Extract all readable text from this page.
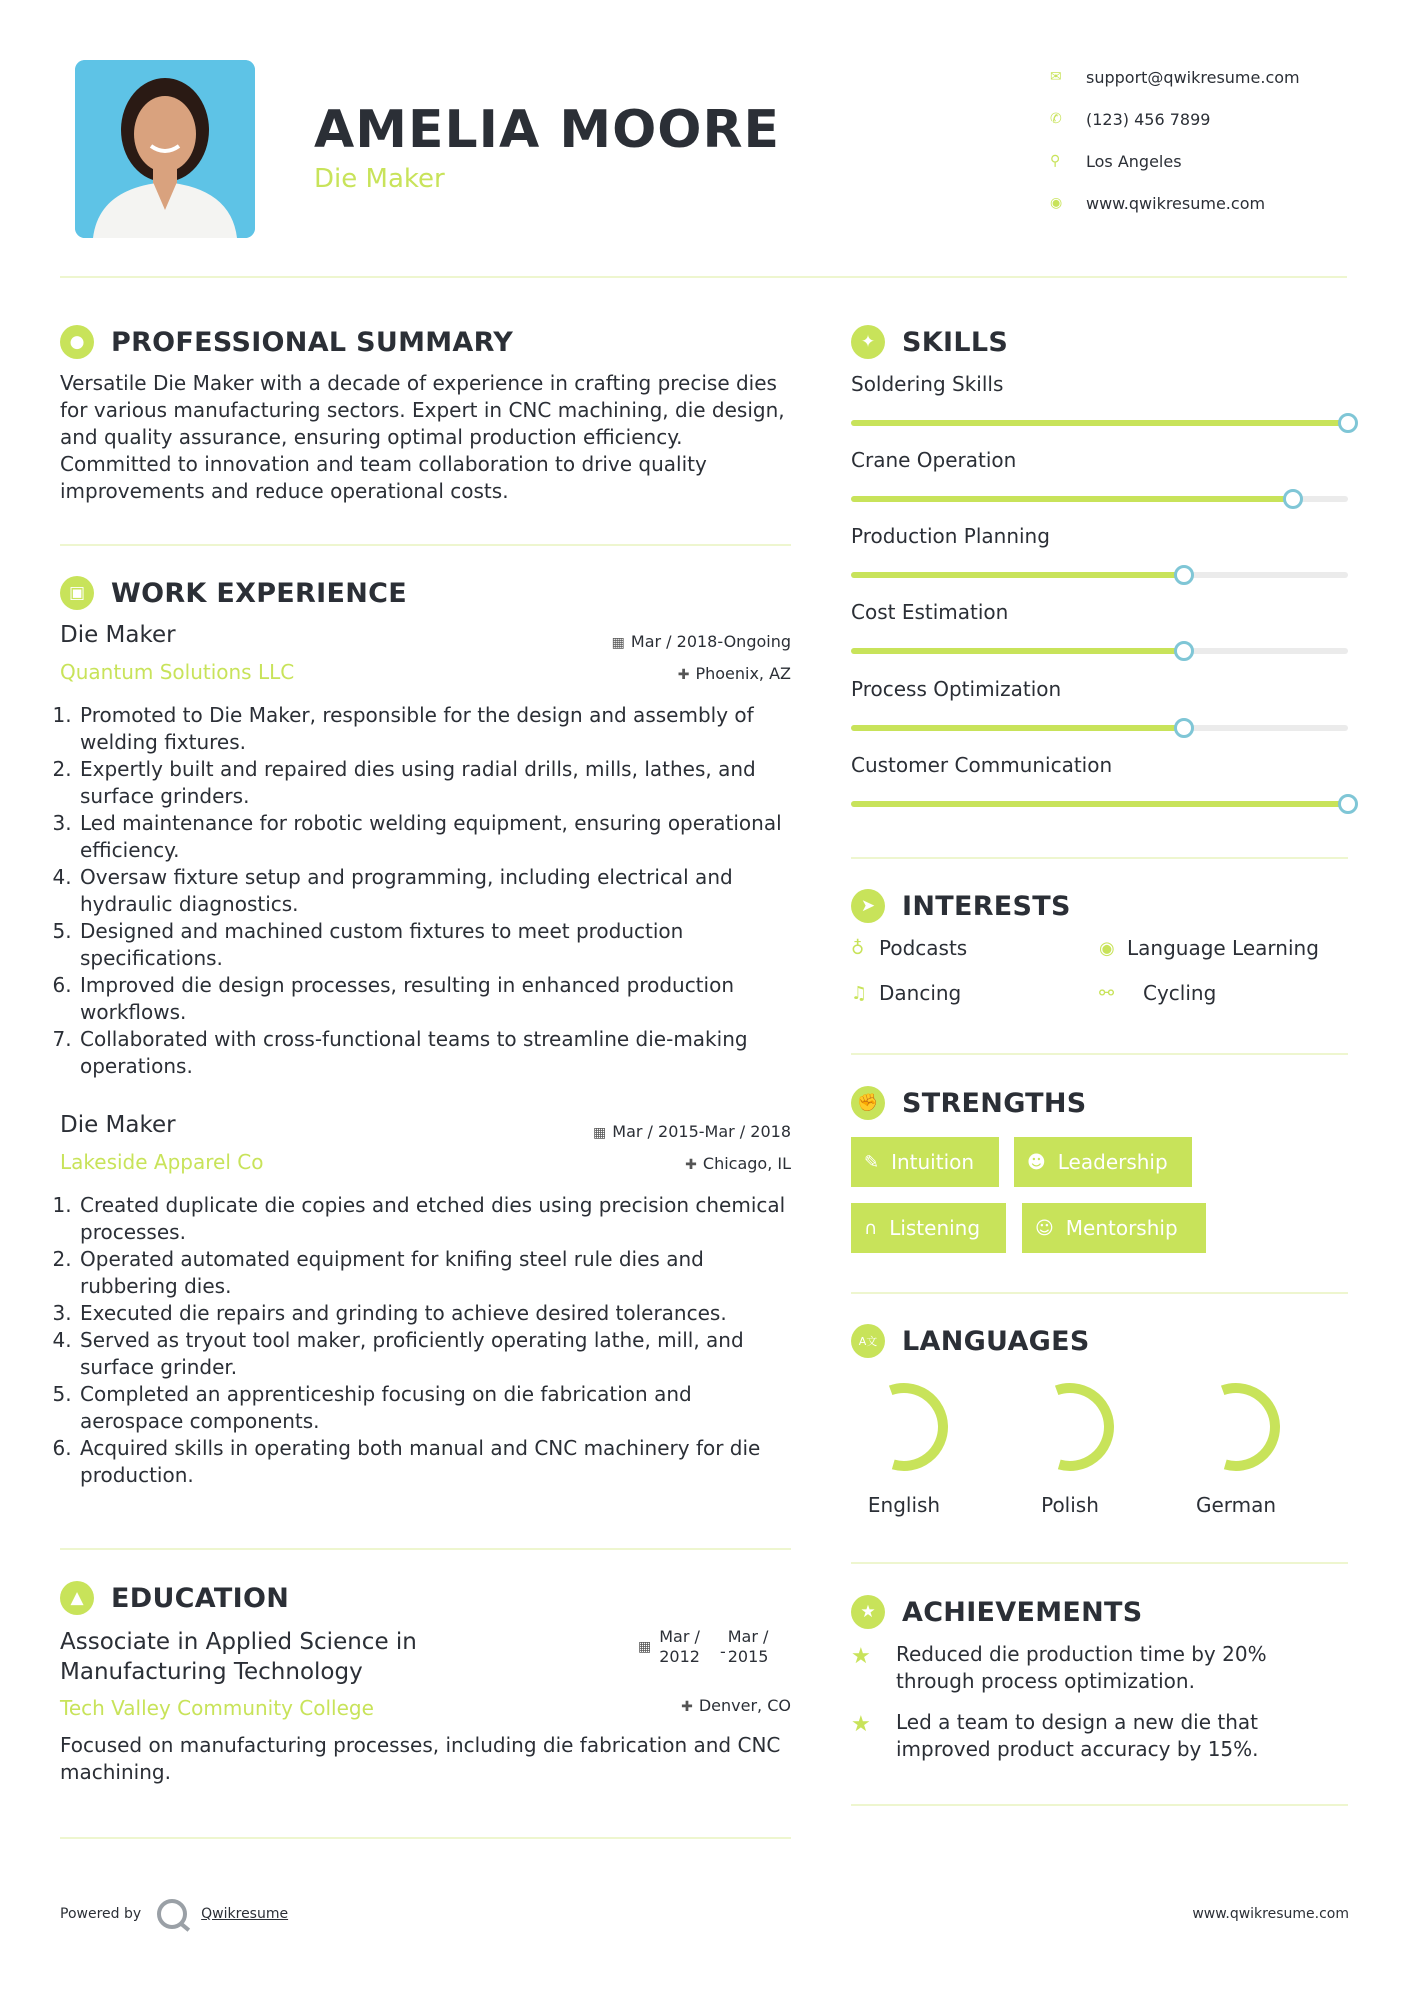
AMELIA MOORE
Die Maker
✉	support@qwikresume.com
✆	(123) 456 7899
⚲	Los Angeles
◉	www.qwikresume.com
● PROFESSIONAL SUMMARY
Versatile Die Maker with a decade of experience in crafting precise dies for various manufacturing sectors. Expert in CNC machining, die design, and quality assurance, ensuring optimal production efficiency. Committed to innovation and team collaboration to drive quality improvements and reduce operational costs.
▣ WORK EXPERIENCE
Die Maker
Quantum Solutions LLC
▦ Mar / 2018-Ongoing
✚ Phoenix, AZ
1. Promoted to Die Maker, responsible for the design and assembly of welding fixtures.
2. Expertly built and repaired dies using radial drills, mills, lathes, and surface grinders.
3. Led maintenance for robotic welding equipment, ensuring operational efficiency.
4. Oversaw fixture setup and programming, including electrical and hydraulic diagnostics.
5. Designed and machined custom fixtures to meet production specifications.
6. Improved die design processes, resulting in enhanced production workflows.
7. Collaborated with cross-functional teams to streamline die-making operations.
Die Maker
Lakeside Apparel Co
▦ Mar / 2015-Mar / 2018
✚ Chicago, IL
1. Created duplicate die copies and etched dies using precision chemical processes.
2. Operated automated equipment for knifing steel rule dies and rubbering dies.
3. Executed die repairs and grinding to achieve desired tolerances.
4. Served as tryout tool maker, proficiently operating lathe, mill, and surface grinder.
5. Completed an apprenticeship focusing on die fabrication and aerospace components.
6. Acquired skills in operating both manual and CNC machinery for die production.
▲	EDUCATION
Associate in Applied Science in Manufacturing Technology
Tech Valley Community College
▦
Mar /
2012 -
Mar /
2015
✚ Denver, CO
Focused on manufacturing processes, including die fabrication and CNC machining.
✦ SKILLS
Soldering Skills
Crane Operation
Production Planning
Cost Estimation
Process Optimization
Customer Communication
➤ INTERESTS
♁ Podcasts	◉ Language Learning
♫ Dancing	⚯	Cycling
✊ STRENGTHS
✎ Intuition	☻ Leadership
∩ Listening	☺ Mentorship
A文 LANGUAGES
English	Polish	German
★ ACHIEVEMENTS
★	Reduced die production time by 20% through process optimization.
★	Led a team to design a new die that improved product accuracy by 15%.
Powered by	Qwikresume	www.qwikresume.com
